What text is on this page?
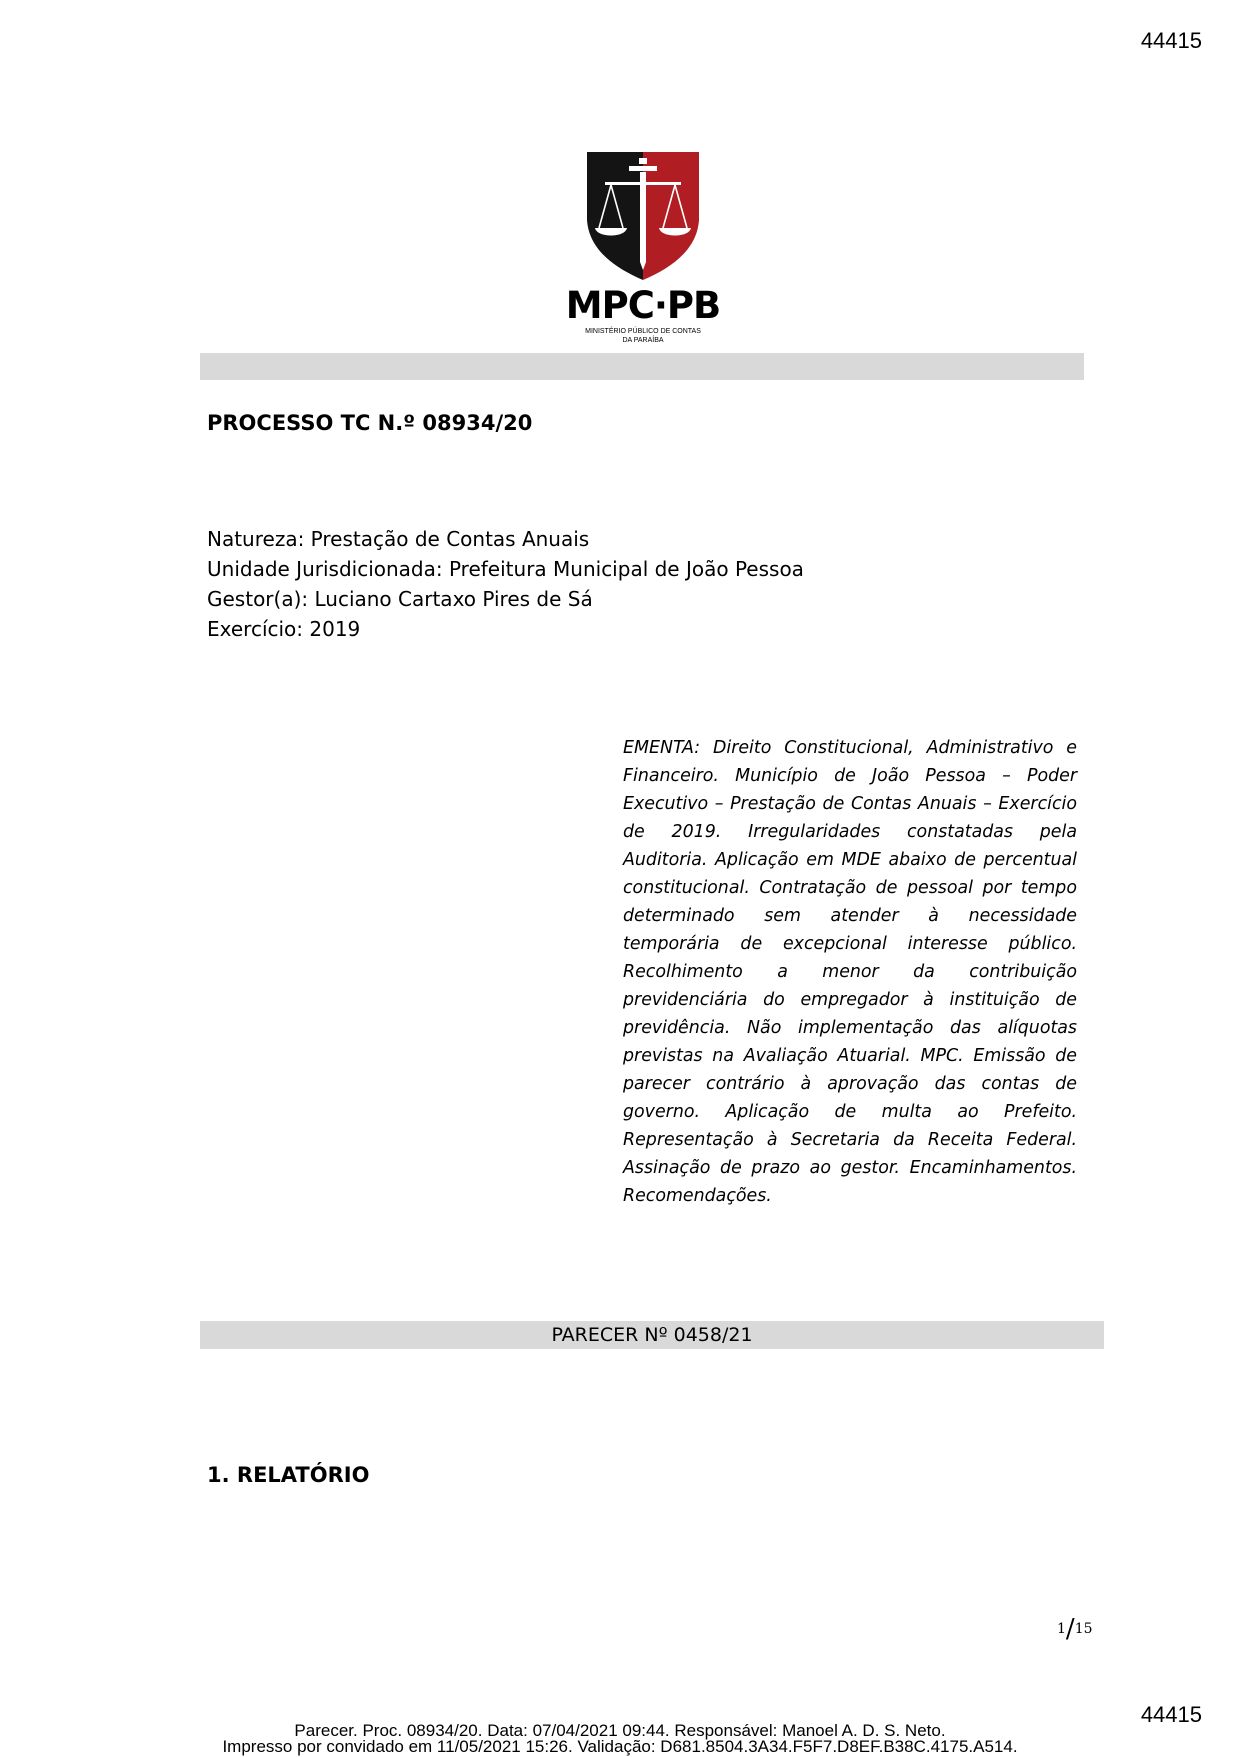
44415
MPC·PB
MINISTÉRIO PÚBLICO DE CONTAS
DA PARAÍBA
PROCESSO TC N.º 08934/20
Natureza: Prestação de Contas Anuais
Unidade Jurisdicionada: Prefeitura Municipal de João Pessoa
Gestor(a): Luciano Cartaxo Pires de Sá
Exercício: 2019
EMENTA: Direito Constitucional, Administrativo e Financeiro. Município de João Pessoa – Poder Executivo – Prestação de Contas Anuais – Exercício de 2019. Irregularidades constatadas pela Auditoria. Aplicação em MDE abaixo de percentual constitucional. Contratação de pessoal por tempo determinado sem atender à necessidade temporária de excepcional interesse público. Recolhimento a menor da contribuição previdenciária do empregador à instituição de previdência. Não implementação das alíquotas previstas na Avaliação Atuarial. MPC. Emissão de parecer contrário à aprovação das contas de governo. Aplicação de multa ao Prefeito. Representação à Secretaria da Receita Federal. Assinação de prazo ao gestor. Encaminhamentos. Recomendações.
PARECER Nº 0458/21
1. RELATÓRIO
1/15
44415
Parecer. Proc. 08934/20. Data: 07/04/2021 09:44. Responsável: Manoel A. D. S. Neto.
Impresso por convidado em 11/05/2021 15:26. Validação: D681.8504.3A34.F5F7.D8EF.B38C.4175.A514.
